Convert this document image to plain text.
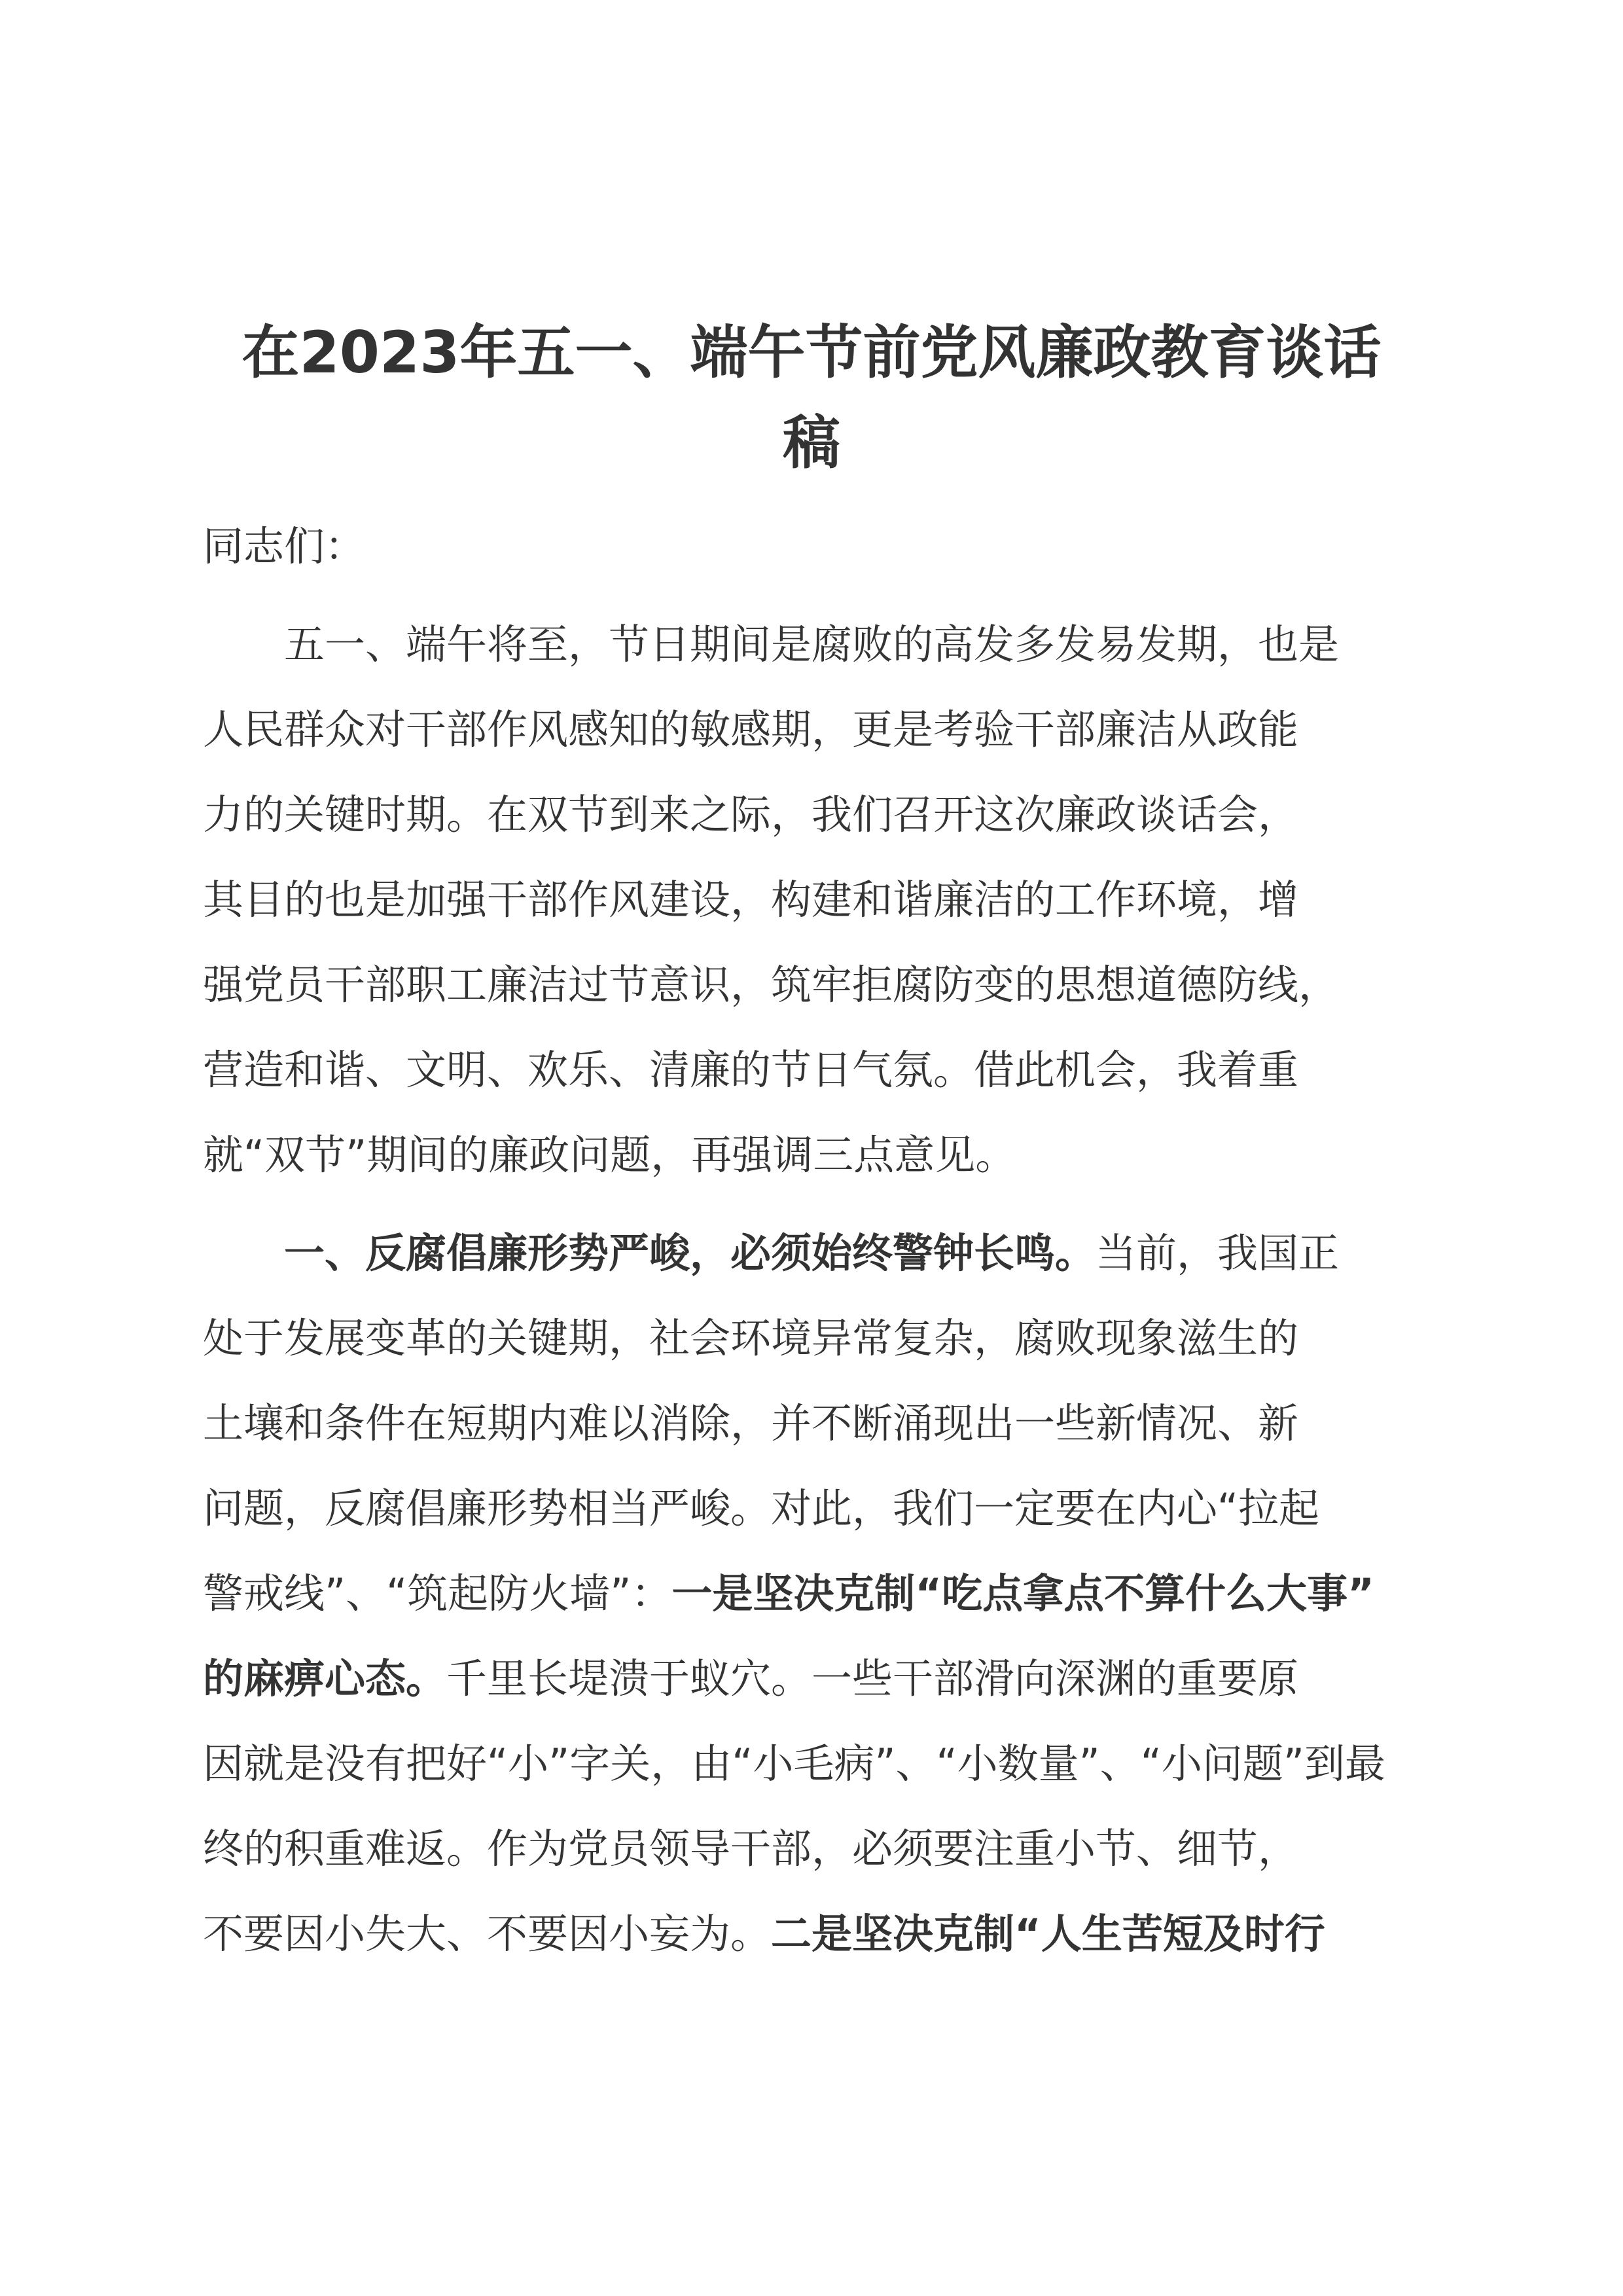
在2023年五一、端午节前党风廉政教育谈话
稿

同志们：

五一、端午将至，节日期间是腐败的高发多发易发期，也是
人民群众对干部作风感知的敏感期，更是考验干部廉洁从政能
力的关键时期。在双节到来之际，我们召开这次廉政谈话会，
其目的也是加强干部作风建设，构建和谐廉洁的工作环境，增
强党员干部职工廉洁过节意识，筑牢拒腐防变的思想道德防线，
营造和谐、文明、欢乐、清廉的节日气氛。借此机会，我着重
就“双节”期间的廉政问题，再强调三点意见。

一、反腐倡廉形势严峻，必须始终警钟长鸣。当前，我国正
处于发展变革的关键期，社会环境异常复杂，腐败现象滋生的
土壤和条件在短期内难以消除，并不断涌现出一些新情况、新
问题，反腐倡廉形势相当严峻。对此，我们一定要在内心“拉起
警戒线”、“筑起防火墙”：一是坚决克制“吃点拿点不算什么大事”
的麻痹心态。千里长堤溃于蚁穴。一些干部滑向深渊的重要原
因就是没有把好“小”字关，由“小毛病”、“小数量”、“小问题”到最
终的积重难返。作为党员领导干部，必须要注重小节、细节，
不要因小失大、不要因小妄为。二是坚决克制“人生苦短及时行
